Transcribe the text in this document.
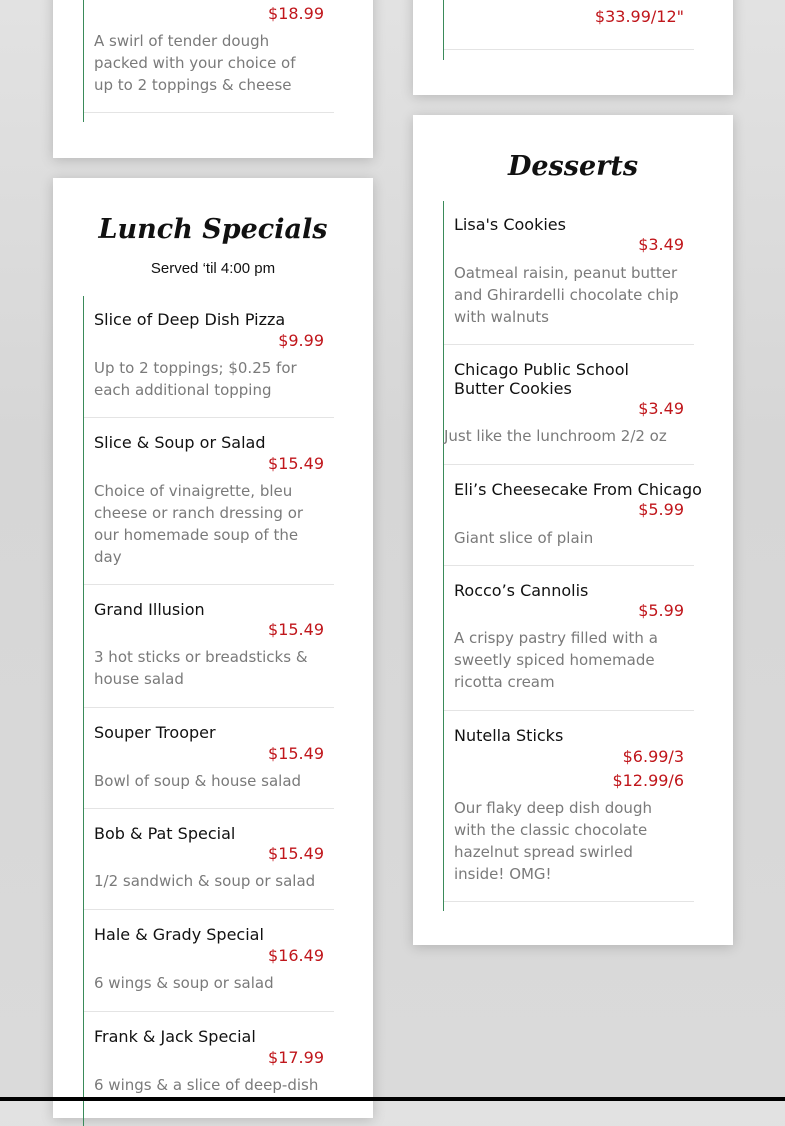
$18.99
A swirl of tender dough packed with your choice of up to 2 toppings & cheese
$33.99/12"
Lunch Specials
Served ‘til 4:00 pm
Slice of Deep Dish Pizza
$9.99
Up to 2 toppings; $0.25 for each additional topping
Slice & Soup or Salad
$15.49
Choice of vinaigrette, bleu cheese or ranch dressing or our homemade soup of the day
Grand Illusion
$15.49
3 hot sticks or breadsticks & house salad
Souper Trooper
$15.49
Bowl of soup & house salad
Bob & Pat Special
$15.49
1/2 sandwich & soup or salad
Hale & Grady Special
$16.49
6 wings & soup or salad
Frank & Jack Special
$17.99
6 wings & a slice of deep-dish
Desserts
Lisa's Cookies
$3.49
Oatmeal raisin, peanut butter and Ghirardelli chocolate chip with walnuts
Chicago Public School Butter Cookies
$3.49
Just like the lunchroom 2/2 oz
Eli’s Cheesecake From Chicago
$5.99
Giant slice of plain
Rocco’s Cannolis
$5.99
A crispy pastry filled with a sweetly spiced homemade ricotta cream
Nutella Sticks
$6.99/3
$12.99/6
Our flaky deep dish dough with the classic chocolate hazelnut spread swirled inside! OMG!
